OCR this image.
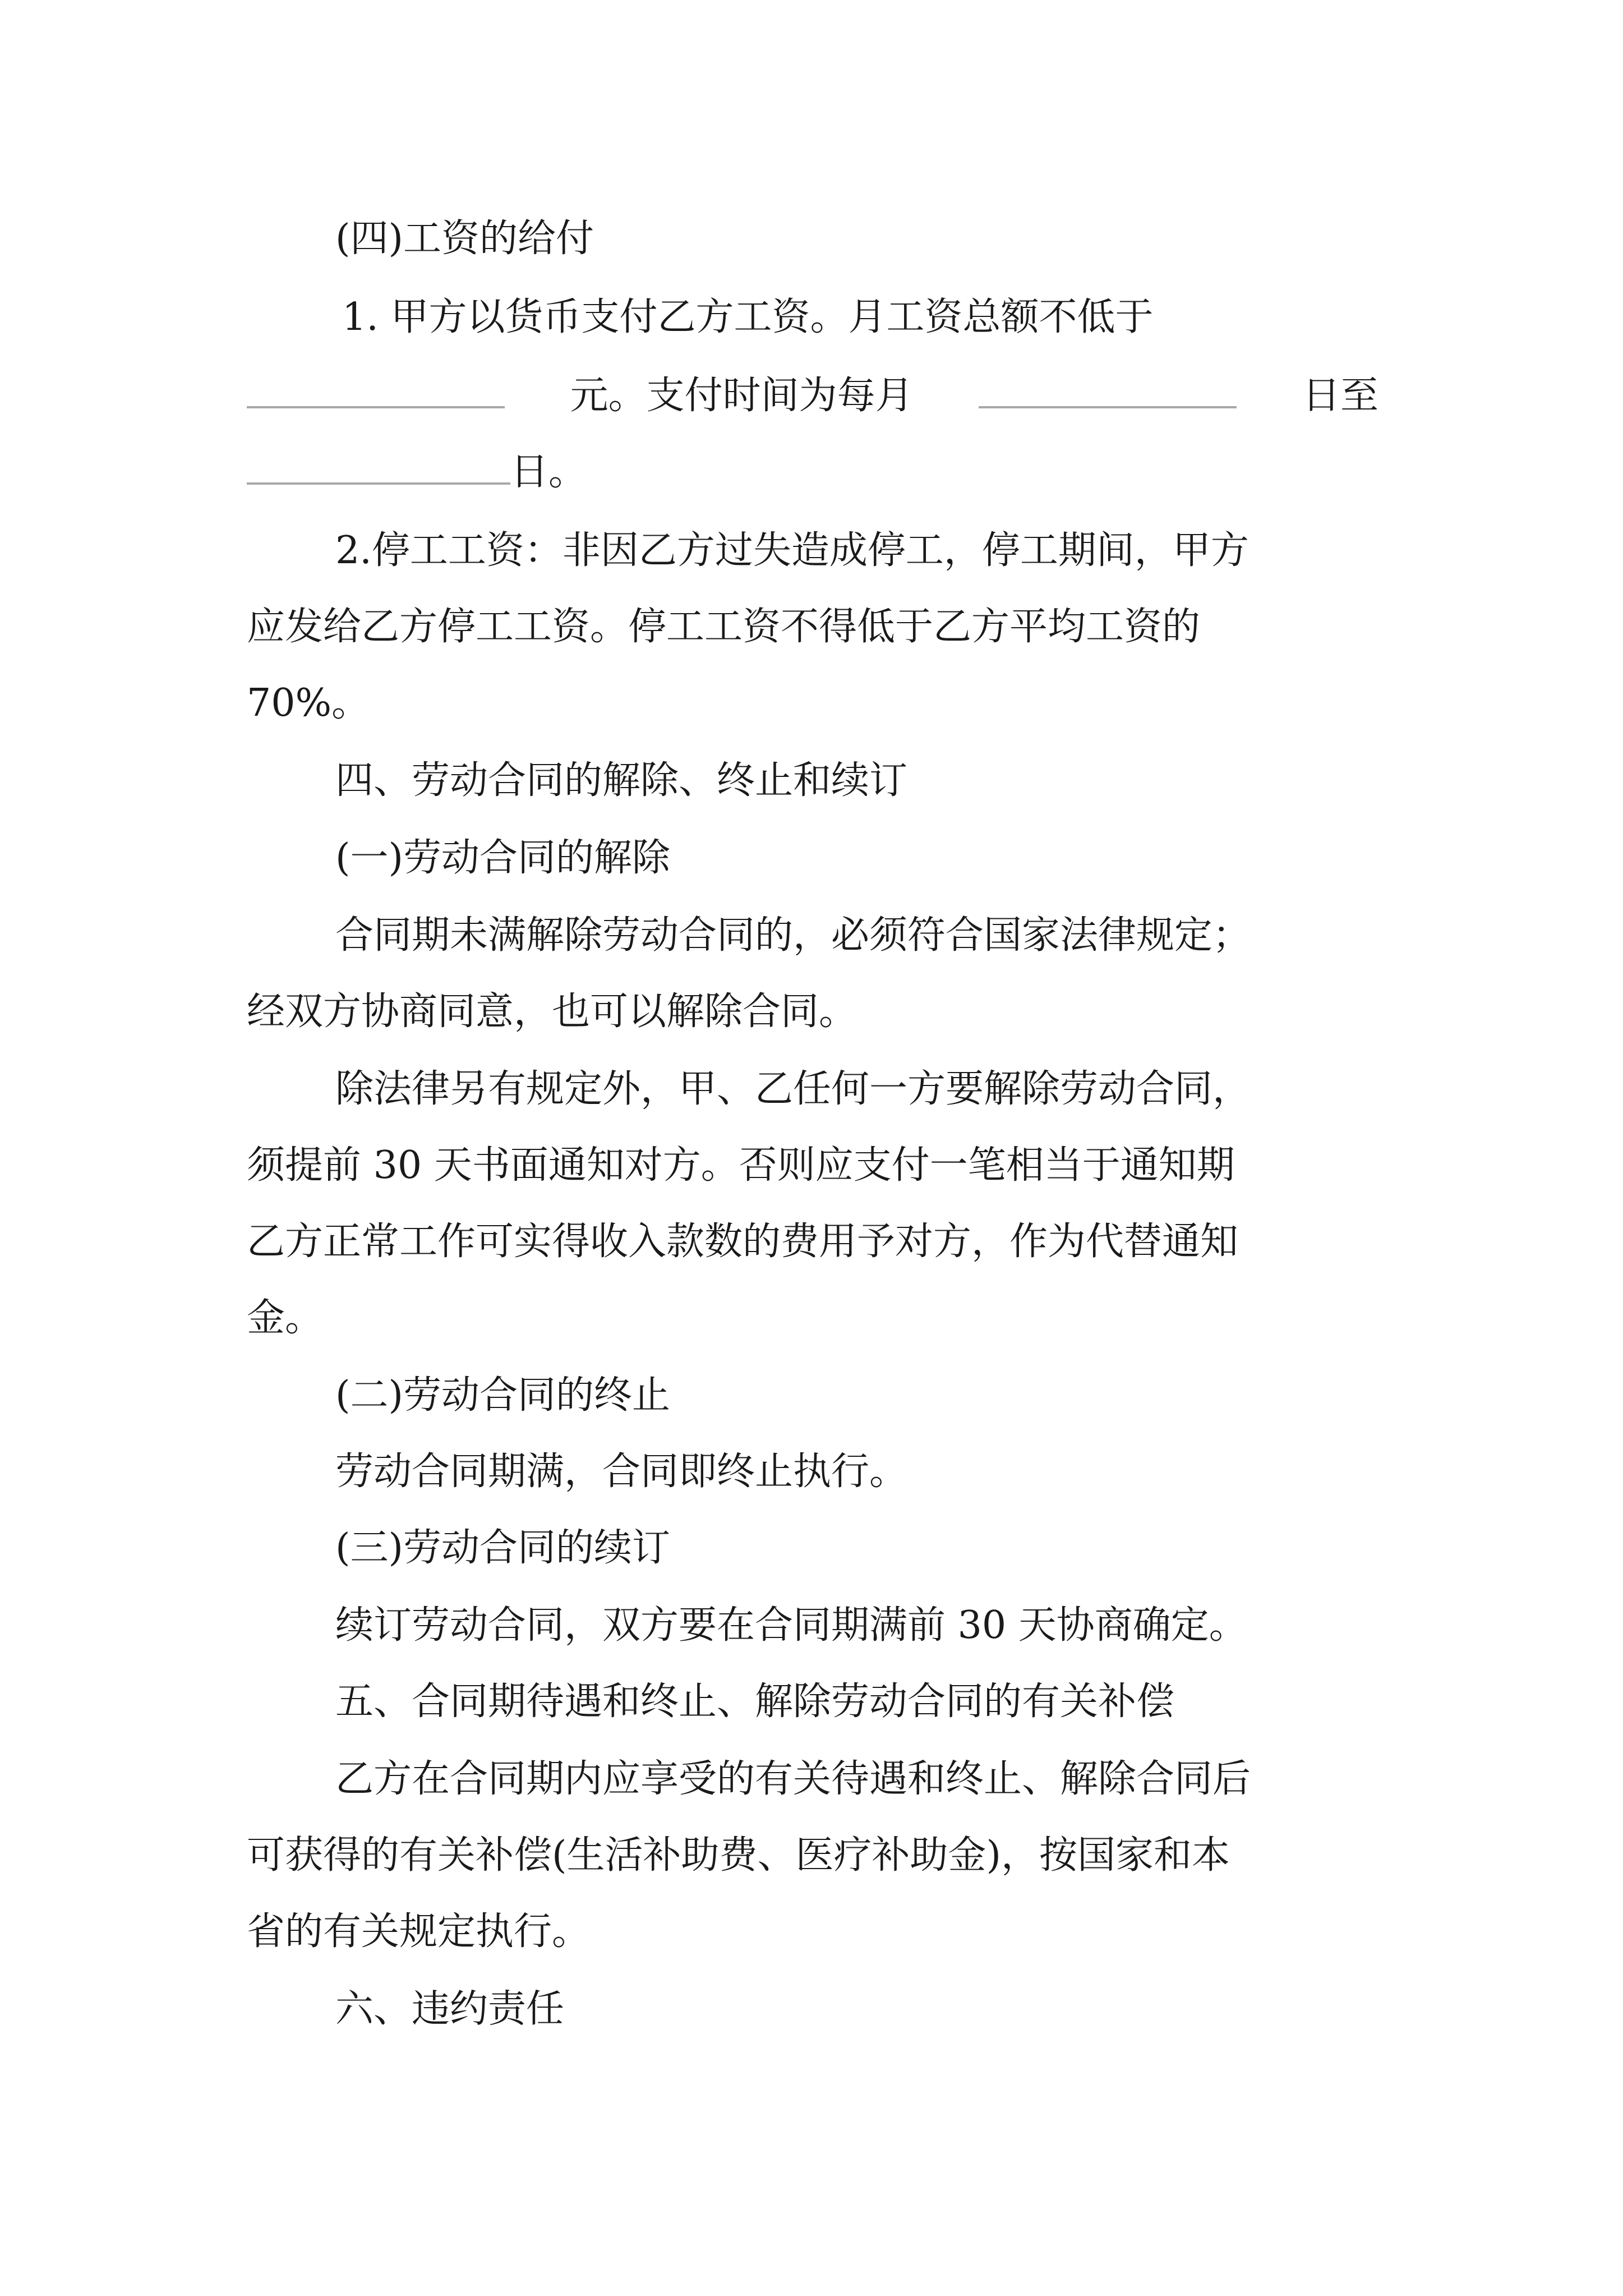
(四)工资的给付
1. 甲方以货币支付乙方工资。月工资总额不低于
元。支付时间为每月	日至
日。
2.停工工资：非因乙方过失造成停工，停工期间，甲方
应发给乙方停工工资。停工工资不得低于乙方平均工资的
70%。
四、劳动合同的解除、终止和续订
(一)劳动合同的解除
合同期未满解除劳动合同的，必须符合国家法律规定；
经双方协商同意，也可以解除合同。
除法律另有规定外，甲、乙任何一方要解除劳动合同，
须提前 30 天书面通知对方。否则应支付一笔相当于通知期
乙方正常工作可实得收入款数的费用予对方，作为代替通知
金。
(二)劳动合同的终止
劳动合同期满，合同即终止执行。
(三)劳动合同的续订
续订劳动合同，双方要在合同期满前 30 天协商确定。
五、合同期待遇和终止、解除劳动合同的有关补偿
乙方在合同期内应享受的有关待遇和终止、解除合同后
可获得的有关补偿(生活补助费、医疗补助金)，按国家和本
省的有关规定执行。
六、违约责任
